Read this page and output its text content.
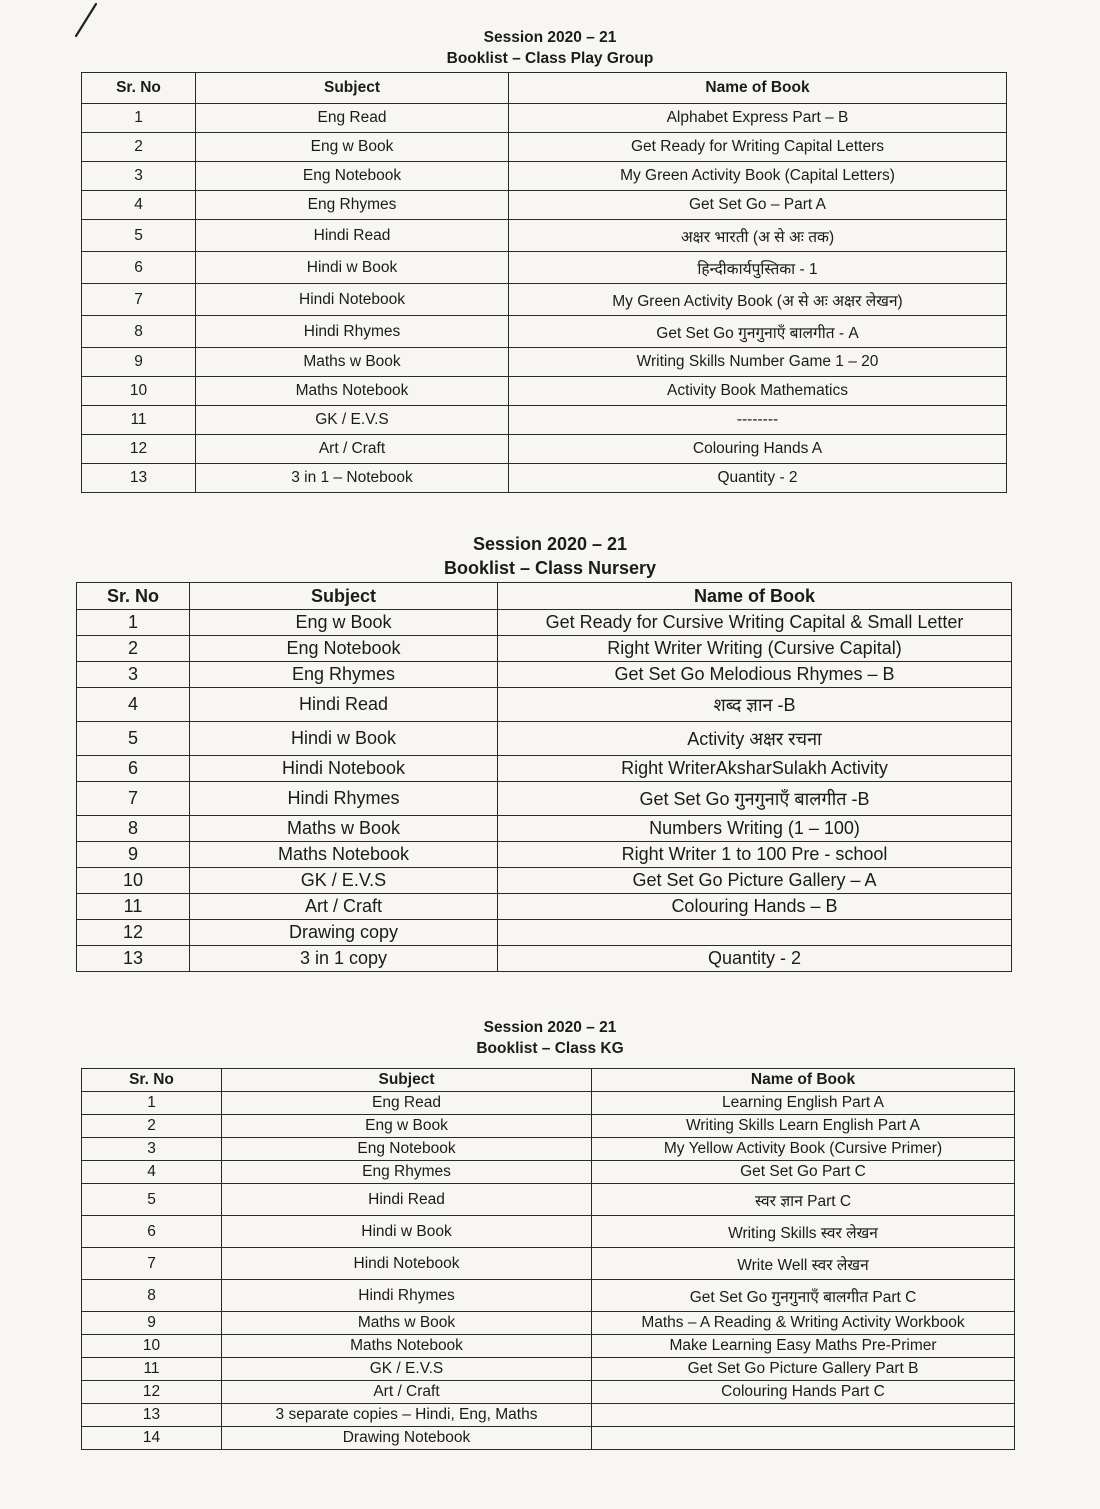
Session 2020 – 21
Booklist – Class Play Group
Sr. No	Subject	Name of Book
1	Eng Read	Alphabet Express Part – B
2	Eng w Book	Get Ready for Writing Capital Letters
3	Eng Notebook	My Green Activity Book (Capital Letters)
4	Eng Rhymes	Get Set Go – Part A
5	Hindi Read	अक्षर भारती (अ से अः तक)
6	Hindi w Book	हिन्दीकार्यपुस्तिका - 1
7	Hindi Notebook	My Green Activity Book (अ से अः अक्षर लेखन)
8	Hindi Rhymes	Get Set Go गुनगुनाएँ बालगीत - A
9	Maths w Book	Writing Skills Number Game 1 – 20
10	Maths Notebook	Activity Book Mathematics
11	GK / E.V.S	--------
12	Art / Craft	Colouring Hands A
13	3 in 1 – Notebook	Quantity - 2
Session 2020 – 21
Booklist – Class Nursery
Sr. No	Subject	Name of Book
1	Eng w Book	Get Ready for Cursive Writing Capital & Small Letter
2	Eng Notebook	Right Writer Writing (Cursive Capital)
3	Eng Rhymes	Get Set Go Melodious Rhymes – B
4	Hindi Read	शब्द ज्ञान -B
5	Hindi w Book	Activity अक्षर रचना
6	Hindi Notebook	Right WriterAksharSulakh Activity
7	Hindi Rhymes	Get Set Go गुनगुनाएँ बालगीत -B
8	Maths w Book	Numbers Writing (1 – 100)
9	Maths Notebook	Right Writer 1 to 100 Pre - school
10	GK / E.V.S	Get Set Go Picture Gallery – A
11	Art / Craft	Colouring Hands – B
12	Drawing copy	
13	3 in 1 copy	Quantity - 2
Session 2020 – 21
Booklist – Class KG
Sr. No	Subject	Name of Book
1	Eng Read	Learning English Part A
2	Eng w Book	Writing Skills Learn English Part A
3	Eng Notebook	My Yellow Activity Book (Cursive Primer)
4	Eng Rhymes	Get Set Go Part C
5	Hindi Read	स्वर ज्ञान Part C
6	Hindi w Book	Writing Skills स्वर लेखन
7	Hindi Notebook	Write Well स्वर लेखन
8	Hindi Rhymes	Get Set Go गुनगुनाएँ बालगीत Part C
9	Maths w Book	Maths – A Reading & Writing Activity Workbook
10	Maths Notebook	Make Learning Easy Maths Pre-Primer
11	GK / E.V.S	Get Set Go Picture Gallery Part B
12	Art / Craft	Colouring Hands Part C
13	3 separate copies – Hindi, Eng, Maths	
14	Drawing Notebook	
